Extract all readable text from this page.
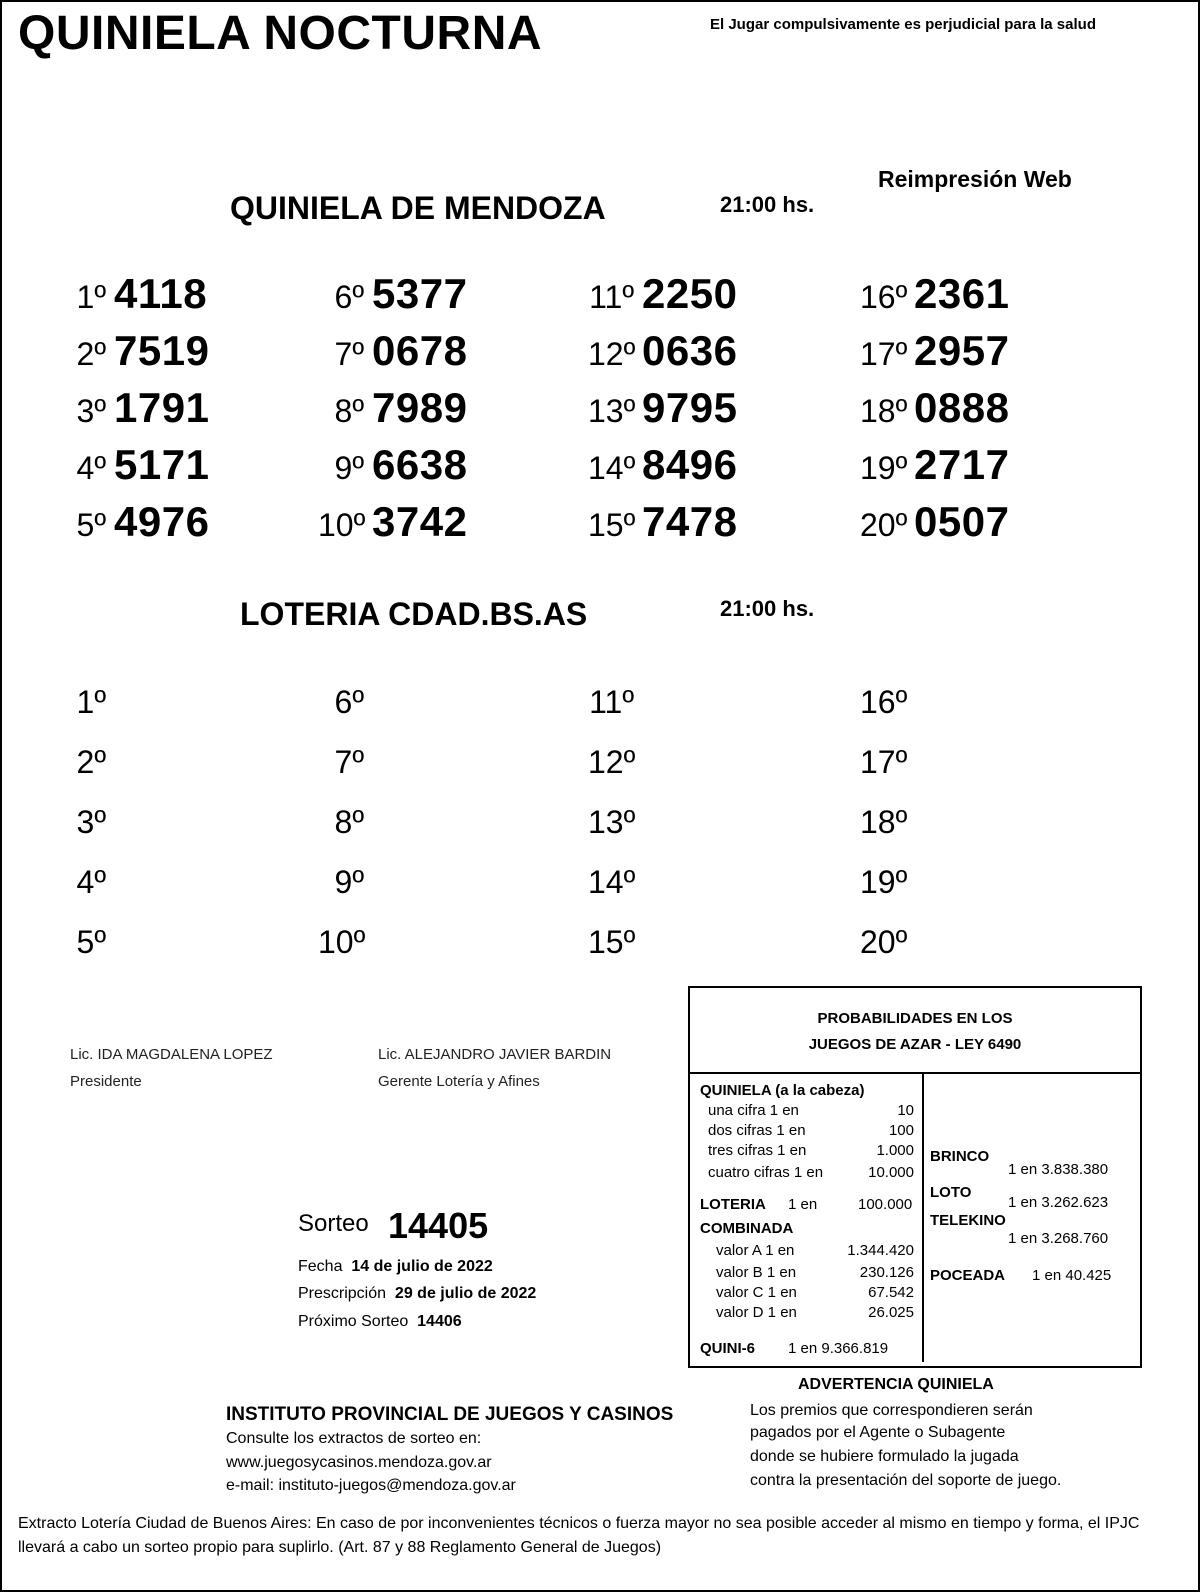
QUINIELA NOCTURNA	El Jugar compulsivamente es perjudicial para la salud
Reimpresión Web
QUINIELA DE MENDOZA	21:00 hs.
1º 4118
2º 7519
3º 1791
4º 5171
5º 4976
6º 5377
7º 0678
8º 7989
9º 6638
10º 3742
11º 2250
12º 0636
13º 9795
14º 8496
15º 7478
16º 2361
17º 2957
18º 0888
19º 2717
20º 0507
LOTERIA CDAD.BS.AS	21:00 hs.
1º
2º
3º
4º
5º
6º
7º
8º
9º
10º
11º
12º
13º
14º
15º
16º
17º
18º
19º
20º
Lic. IDA MAGDALENA LOPEZ
Presidente
Lic. ALEJANDRO JAVIER BARDIN
Gerente Lotería y Afines
Sorteo 14405
Fecha 14 de julio de 2022
Prescripción 29 de julio de 2022
Próximo Sorteo 14406
PROBABILIDADES EN LOS
JUEGOS DE AZAR - LEY 6490
QUINIELA (a la cabeza)
una cifra 1 en	10
dos cifras 1 en	100
tres cifras 1 en	1.000
cuatro cifras 1 en	10.000
LOTERIA 1 en	100.000
COMBINADA
valor A 1 en	1.344.420
valor B 1 en	230.126
valor C 1 en	67.542
valor D 1 en	26.025
QUINI-6 1 en 9.366.819
BRINCO
1 en 3.838.380
LOTO
1 en 3.262.623
TELEKINO
1 en 3.268.760
POCEADA 1 en 40.425
ADVERTENCIA QUINIELA
Los premios que correspondieren serán
pagados por el Agente o Subagente
donde se hubiere formulado la jugada
contra la presentación del soporte de juego.
INSTITUTO PROVINCIAL DE JUEGOS Y CASINOS
Consulte los extractos de sorteo en:
www.juegosycasinos.mendoza.gov.ar
e-mail: instituto-juegos@mendoza.gov.ar
Extracto Lotería Ciudad de Buenos Aires: En caso de por inconvenientes técnicos o fuerza mayor no sea posible acceder al mismo en tiempo y forma, el IPJC llevará a cabo un sorteo propio para suplirlo. (Art. 87 y 88 Reglamento General de Juegos)
